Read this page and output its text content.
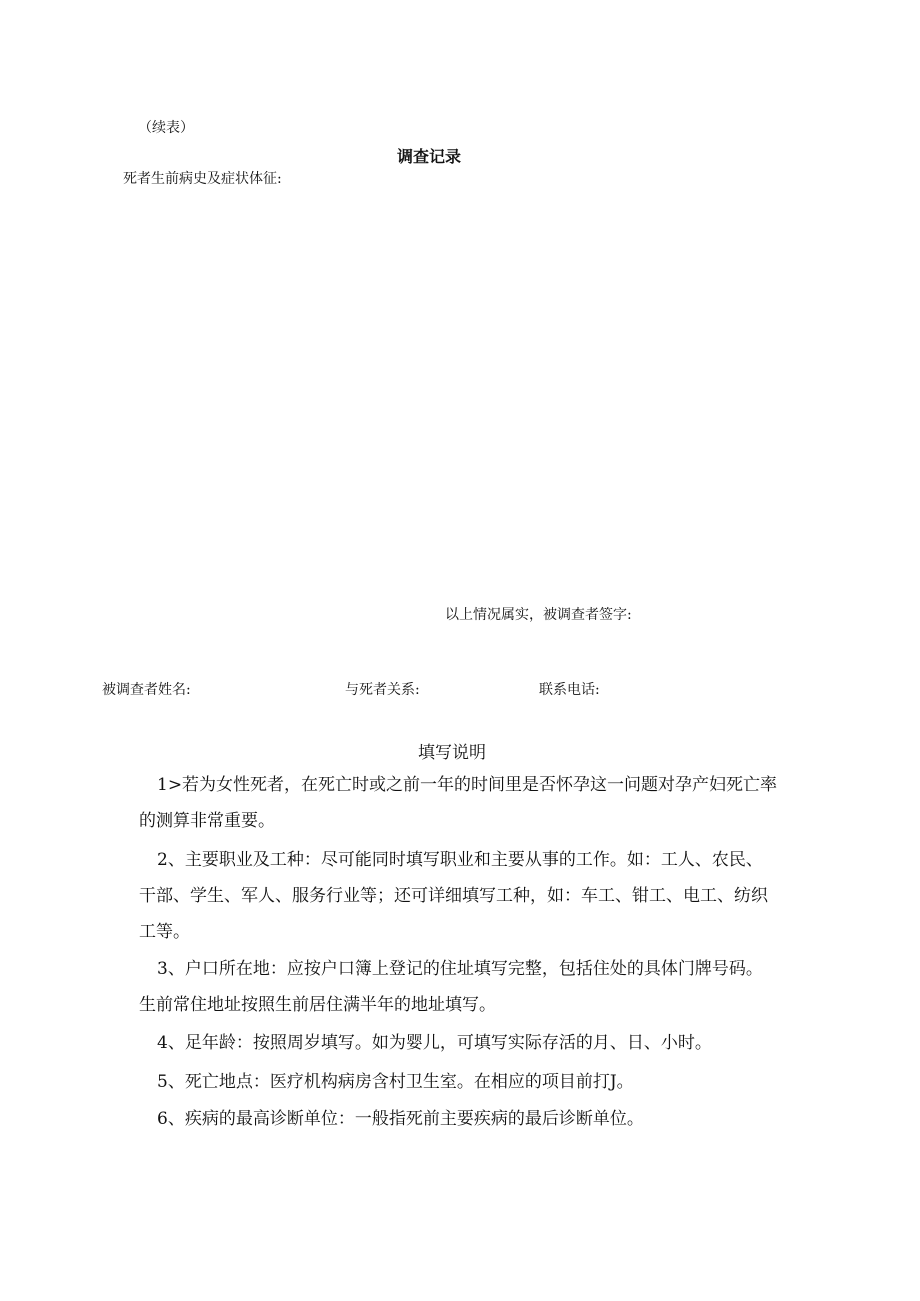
（续表）
调查记录
死者生前病史及症状体征:
以上情况属实，被调查者签字:
被调查者姓名:	与死者关系:	联系电话:
填写说明
1>若为女性死者，在死亡时或之前一年的时间里是否怀孕这一问题对孕产妇死亡率的测算非常重要。
2、主要职业及工种：尽可能同时填写职业和主要从事的工作。如：工人、农民、干部、学生、军人、服务行业等；还可详细填写工种，如：车工、钳工、电工、纺织工等。
3、户口所在地：应按户口簿上登记的住址填写完整，包括住处的具体门牌号码。生前常住地址按照生前居住满半年的地址填写。
4、足年龄：按照周岁填写。如为婴儿，可填写实际存活的月、日、小时。
5、死亡地点：医疗机构病房含村卫生室。在相应的项目前打J。
6、疾病的最高诊断单位：一般指死前主要疾病的最后诊断单位。
